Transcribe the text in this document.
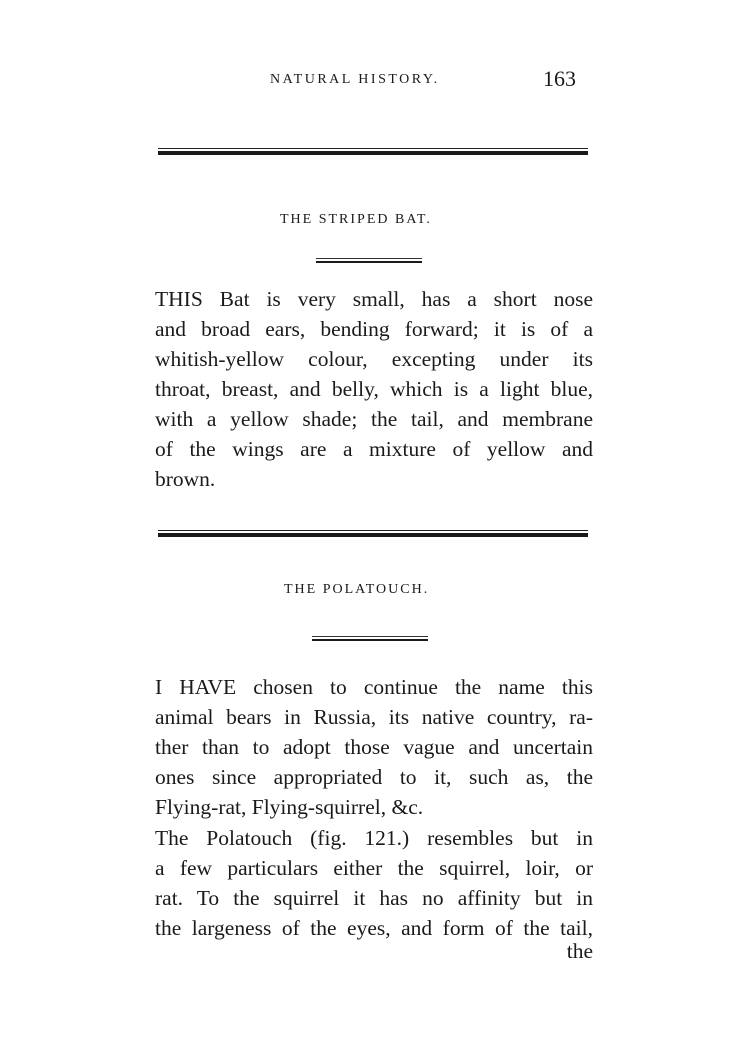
NATURAL HISTORY.	163
THE STRIPED BAT.
THIS Bat is very small, has a short nose
and broad ears, bending forward; it is of a
whitish-yellow colour, excepting under its
throat, breast, and belly, which is a light blue,
with a yellow shade; the tail, and membrane
of the wings are a mixture of yellow and
brown.
THE POLATOUCH.
I HAVE chosen to continue the name this
animal bears in Russia, its native country, ra-
ther than to adopt those vague and uncertain
ones since appropriated to it, such as, the
Flying-rat, Flying-squirrel, &c.
The Polatouch (fig. 121.) resembles but in
a few particulars either the squirrel, loir, or
rat. To the squirrel it has no affinity but in
the largeness of the eyes, and form of the tail,
the
